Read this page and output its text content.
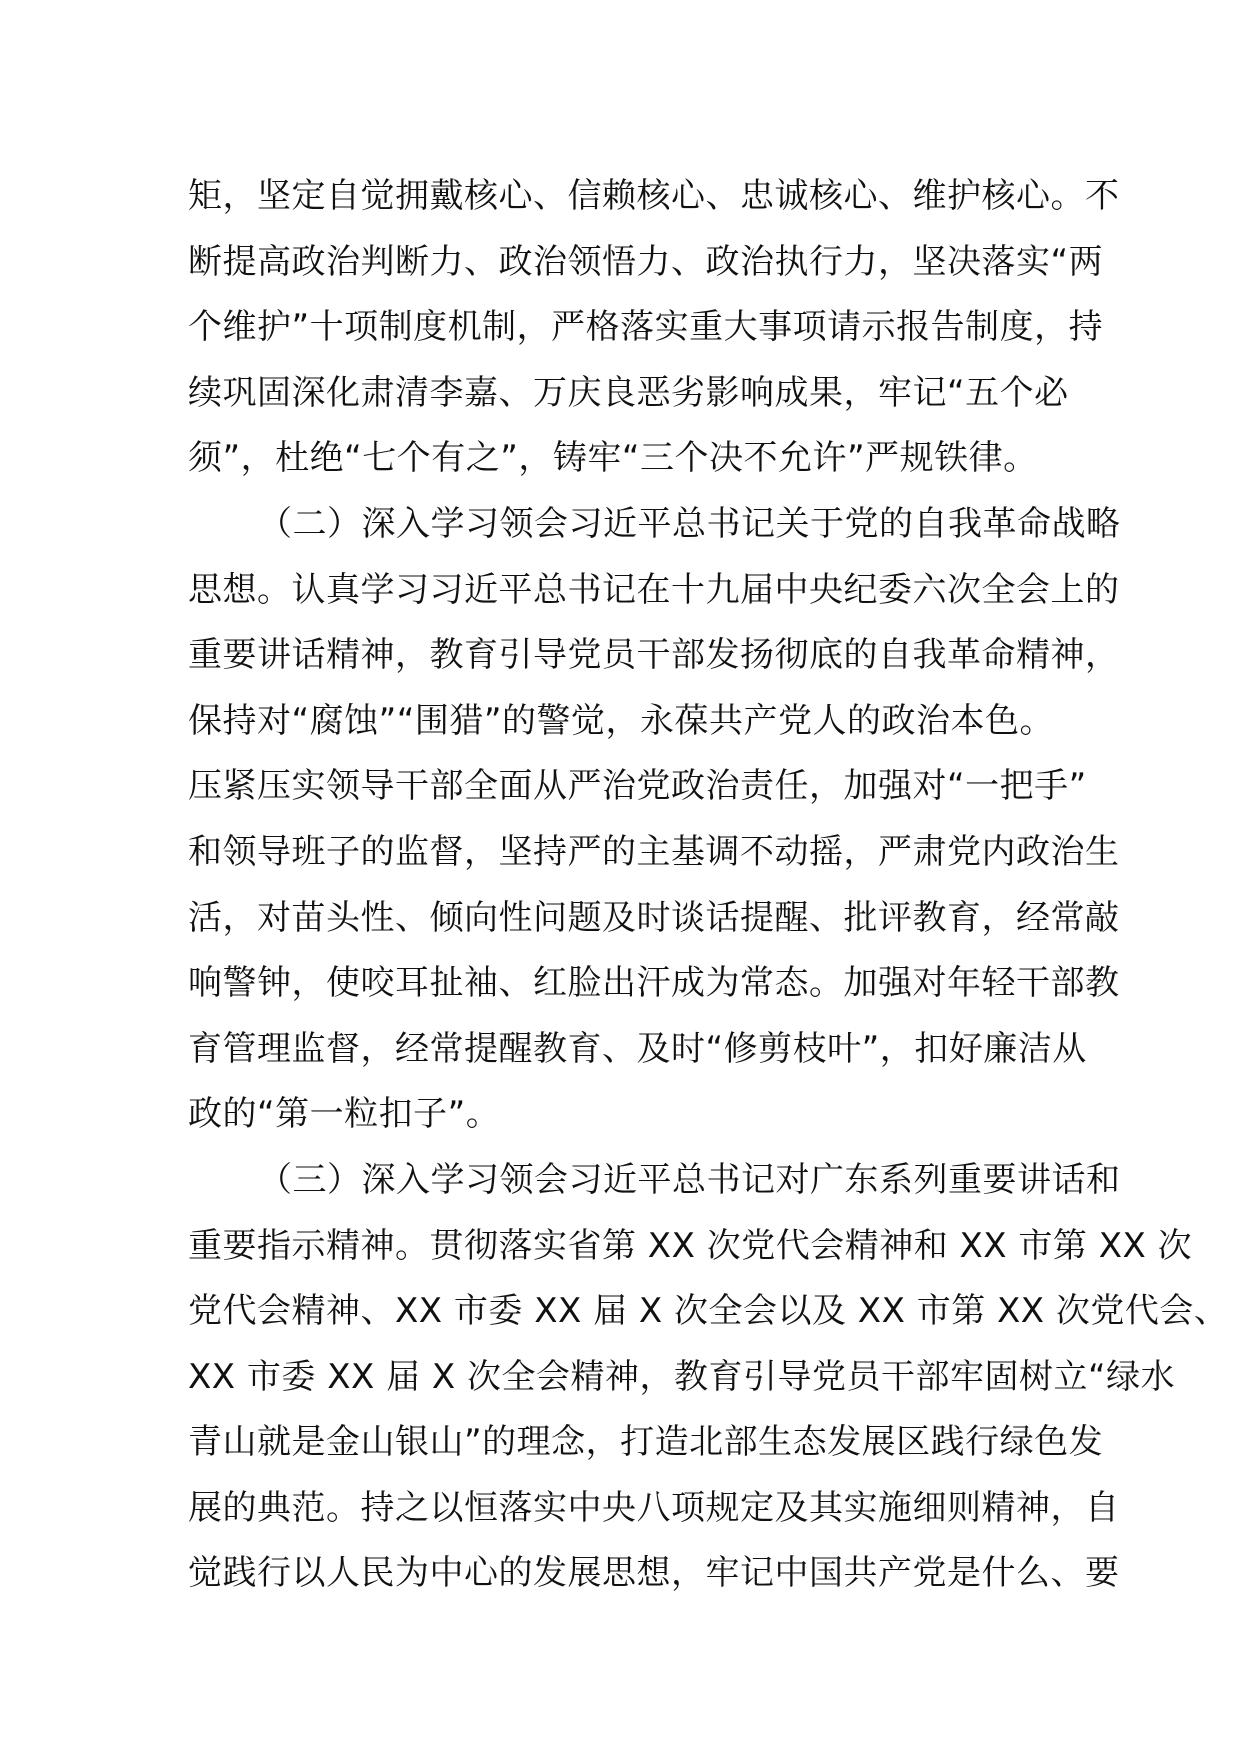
矩，坚定自觉拥戴核心、信赖核心、忠诚核心、维护核心。不
断提高政治判断力、政治领悟力、政治执行力，坚决落实“两
个维护”十项制度机制，严格落实重大事项请示报告制度，持
续巩固深化肃清李嘉、万庆良恶劣影响成果，牢记“五个必
须”，杜绝“七个有之”，铸牢“三个决不允许”严规铁律。
（二）深入学习领会习近平总书记关于党的自我革命战略
思想。认真学习习近平总书记在十九届中央纪委六次全会上的
重要讲话精神，教育引导党员干部发扬彻底的自我革命精神，
保持对“腐蚀”“围猎”的警觉，永葆共产党人的政治本色。
压紧压实领导干部全面从严治党政治责任，加强对“一把手”
和领导班子的监督，坚持严的主基调不动摇，严肃党内政治生
活，对苗头性、倾向性问题及时谈话提醒、批评教育，经常敲
响警钟，使咬耳扯袖、红脸出汗成为常态。加强对年轻干部教
育管理监督，经常提醒教育、及时“修剪枝叶”，扣好廉洁从
政的“第一粒扣子”。
（三）深入学习领会习近平总书记对广东系列重要讲话和
重要指示精神。贯彻落实省第 XX 次党代会精神和 XX 市第 XX 次
党代会精神、XX 市委 XX 届 X 次全会以及 XX 市第 XX 次党代会、
XX 市委 XX 届 X 次全会精神，教育引导党员干部牢固树立“绿水
青山就是金山银山”的理念，打造北部生态发展区践行绿色发
展的典范。持之以恒落实中央八项规定及其实施细则精神，自
觉践行以人民为中心的发展思想，牢记中国共产党是什么、要
